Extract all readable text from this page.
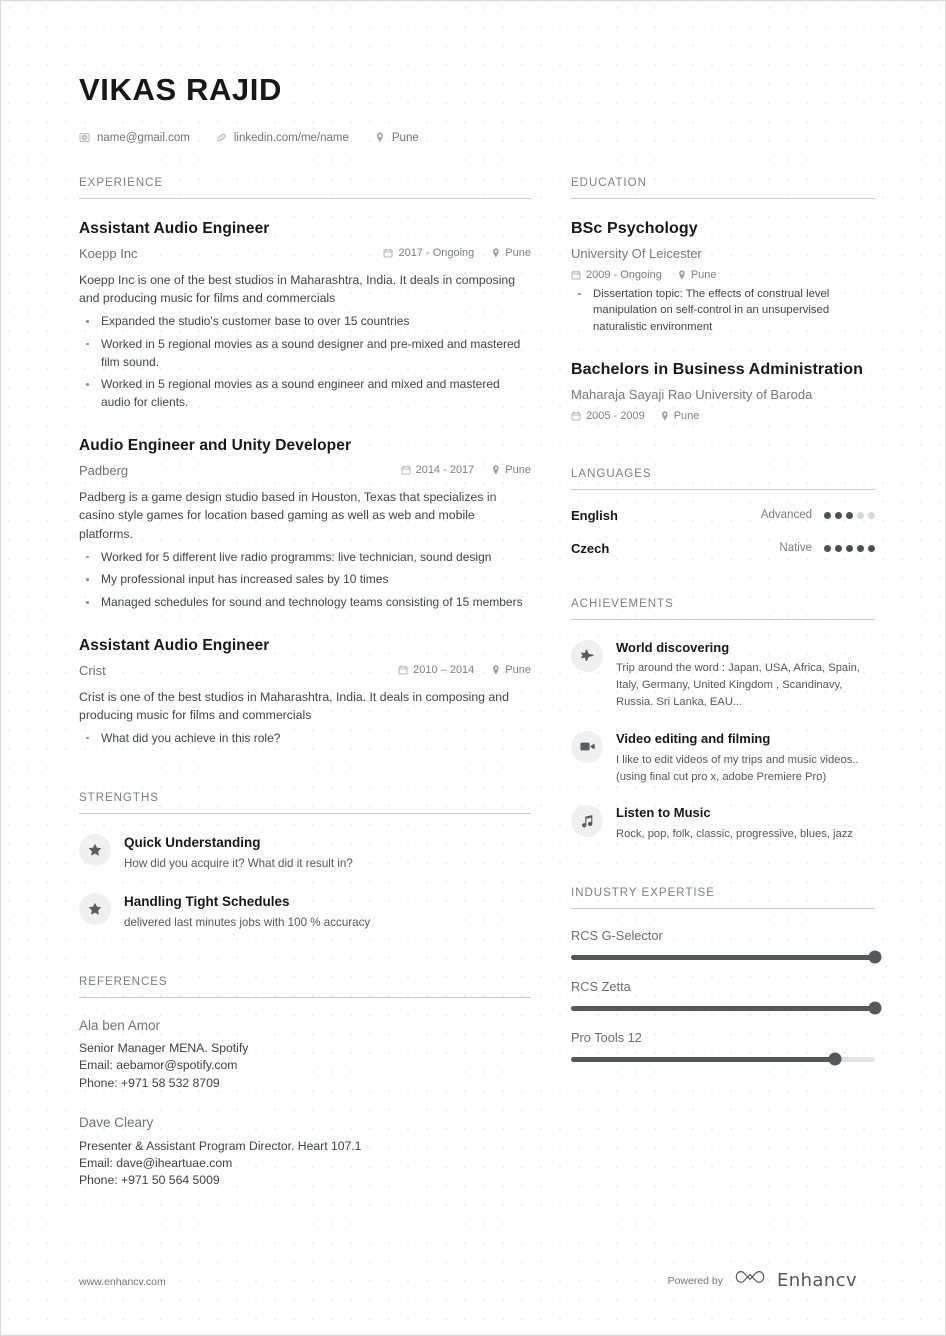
VIKAS RAJID
name@gmail.com	linkedin.com/me/name	Pune
EXPERIENCE
Assistant Audio Engineer
Koepp Inc	2017 - Ongoing	Pune
Koepp Inc is one of the best studios in Maharashtra, India. It deals in composing and producing music for films and commercials
Expanded the studio's customer base to over 15 countries
Worked in 5 regional movies as a sound designer and pre-mixed and mastered film sound.
Worked in 5 regional movies as a sound engineer and mixed and mastered audio for clients.
Audio Engineer and Unity Developer
Padberg	2014 - 2017	Pune
Padberg is a game design studio based in Houston, Texas that specializes in casino style games for location based gaming as well as web and mobile platforms.
Worked for 5 different live radio programms: live technician, sound design
My professional input has increased sales by 10 times
Managed schedules for sound and technology teams consisting of 15 members
Assistant Audio Engineer
Crist	2010 – 2014	Pune
Crist is one of the best studios in Maharashtra, India. It deals in composing and producing music for films and commercials
What did you achieve in this role?
STRENGTHS
Quick Understanding
How did you acquire it? What did it result in?
Handling Tight Schedules
delivered last minutes jobs with 100 % accuracy
REFERENCES
Ala ben Amor
Senior Manager MENA. Spotify
Email: aebamor@spotify.com
Phone: +971 58 532 8709
Dave Cleary
Presenter & Assistant Program Director. Heart 107.1
Email: dave@iheartuae.com
Phone: +971 50 564 5009
EDUCATION
BSc Psychology
University Of Leicester
2009 - Ongoing	Pune
Dissertation topic: The effects of construal level manipulation on self-control in an unsupervised naturalistic environment
Bachelors in Business Administration
Maharaja Sayaji Rao University of Baroda
2005 - 2009	Pune
LANGUAGES
English	Advanced
Czech	Native
ACHIEVEMENTS
World discovering
Trip around the word : Japan, USA, Africa, Spain, Italy, Germany, United Kingdom , Scandinavy, Russia. Sri Lanka, EAU...
Video editing and filming
I like to edit videos of my trips and music videos.. (using final cut pro x, adobe Premiere Pro)
Listen to Music
Rock, pop, folk, classic, progressive, blues, jazz
INDUSTRY EXPERTISE
RCS G-Selector
RCS Zetta
Pro Tools 12
www.enhancv.com	Powered by	Enhancv
